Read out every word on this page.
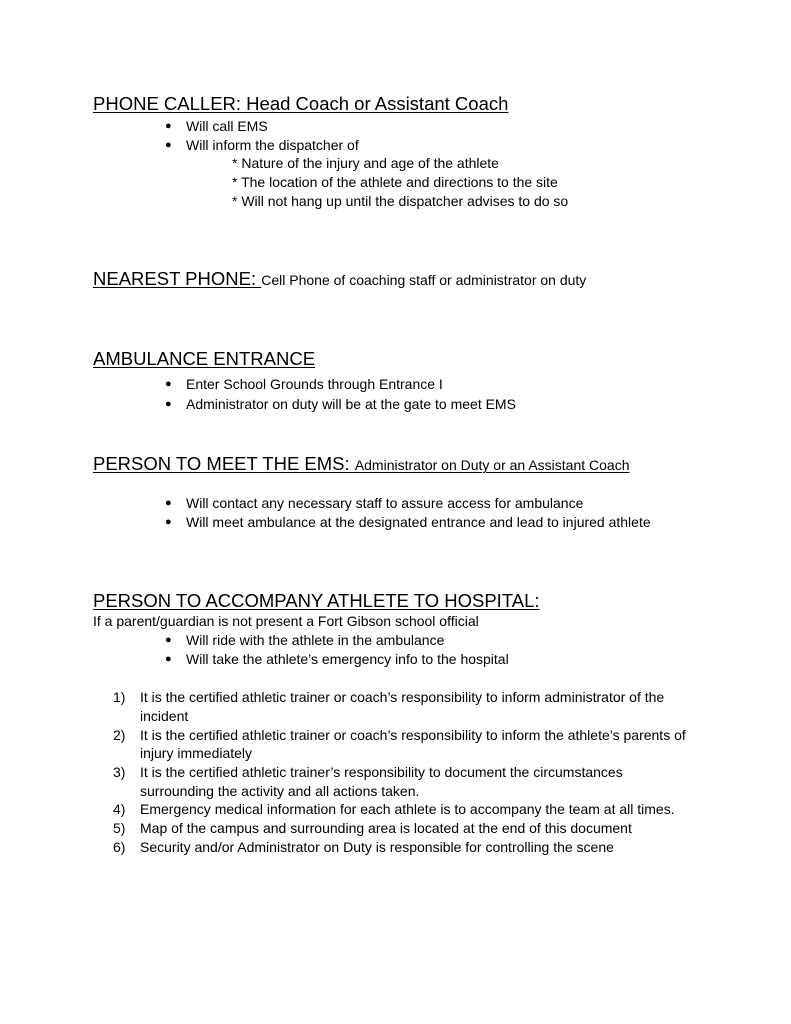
PHONE CALLER: Head Coach or Assistant Coach
● Will call EMS
● Will inform the dispatcher of
* Nature of the injury and age of the athlete
* The location of the athlete and directions to the site
* Will not hang up until the dispatcher advises to do so
NEAREST PHONE: Cell Phone of coaching staff or administrator on duty
AMBULANCE ENTRANCE
● Enter School Grounds through Entrance I
● Administrator on duty will be at the gate to meet EMS
PERSON TO MEET THE EMS: Administrator on Duty or an Assistant Coach
● Will contact any necessary staff to assure access for ambulance
● Will meet ambulance at the designated entrance and lead to injured athlete
PERSON TO ACCOMPANY ATHLETE TO HOSPITAL:
If a parent/guardian is not present a Fort Gibson school official
● Will ride with the athlete in the ambulance
● Will take the athlete’s emergency info to the hospital
1) It is the certified athletic trainer or coach’s responsibility to inform administrator of the
incident
2) It is the certified athletic trainer or coach’s responsibility to inform the athlete’s parents of
injury immediately
3) It is the certified athletic trainer’s responsibility to document the circumstances
surrounding the activity and all actions taken.
4) Emergency medical information for each athlete is to accompany the team at all times.
5) Map of the campus and surrounding area is located at the end of this document
6) Security and/or Administrator on Duty is responsible for controlling the scene
